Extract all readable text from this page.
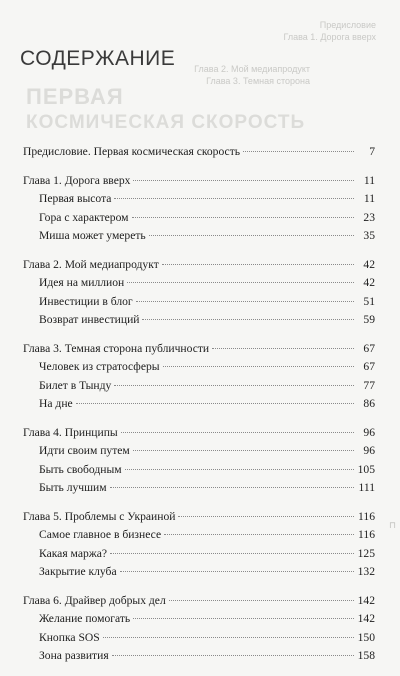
Предисловие
Глава 1. Дорога вверх
Глава 2. Мой медиапродукт
Глава 3. Темная сторона
ПЕРВАЯ
КОСМИЧЕСКАЯ СКОРОСТЬ
СОДЕРЖАНИЕ
Предисловие. Первая космическая скорость	7
Глава 1. Дорога вверх	11
Первая высота	11
Гора с характером	23
Миша может умереть	35
Глава 2. Мой медиапродукт	42
Идея на миллион	42
Инвестиции в блог	51
Возврат инвестиций	59
Глава 3. Темная сторона публичности	67
Человек из стратосферы	67
Билет в Тынду	77
На дне	86
Глава 4. Принципы	96
Идти своим путем	96
Быть свободным	105
Быть лучшим	111
Глава 5. Проблемы с Украиной	116
Самое главное в бизнесе	116
Какая маржа?	125
Закрытие клуба	132
Глава 6. Драйвер добрых дел	142
Желание помогать	142
Кнопка SOS	150
Зона развития	158
⊓
